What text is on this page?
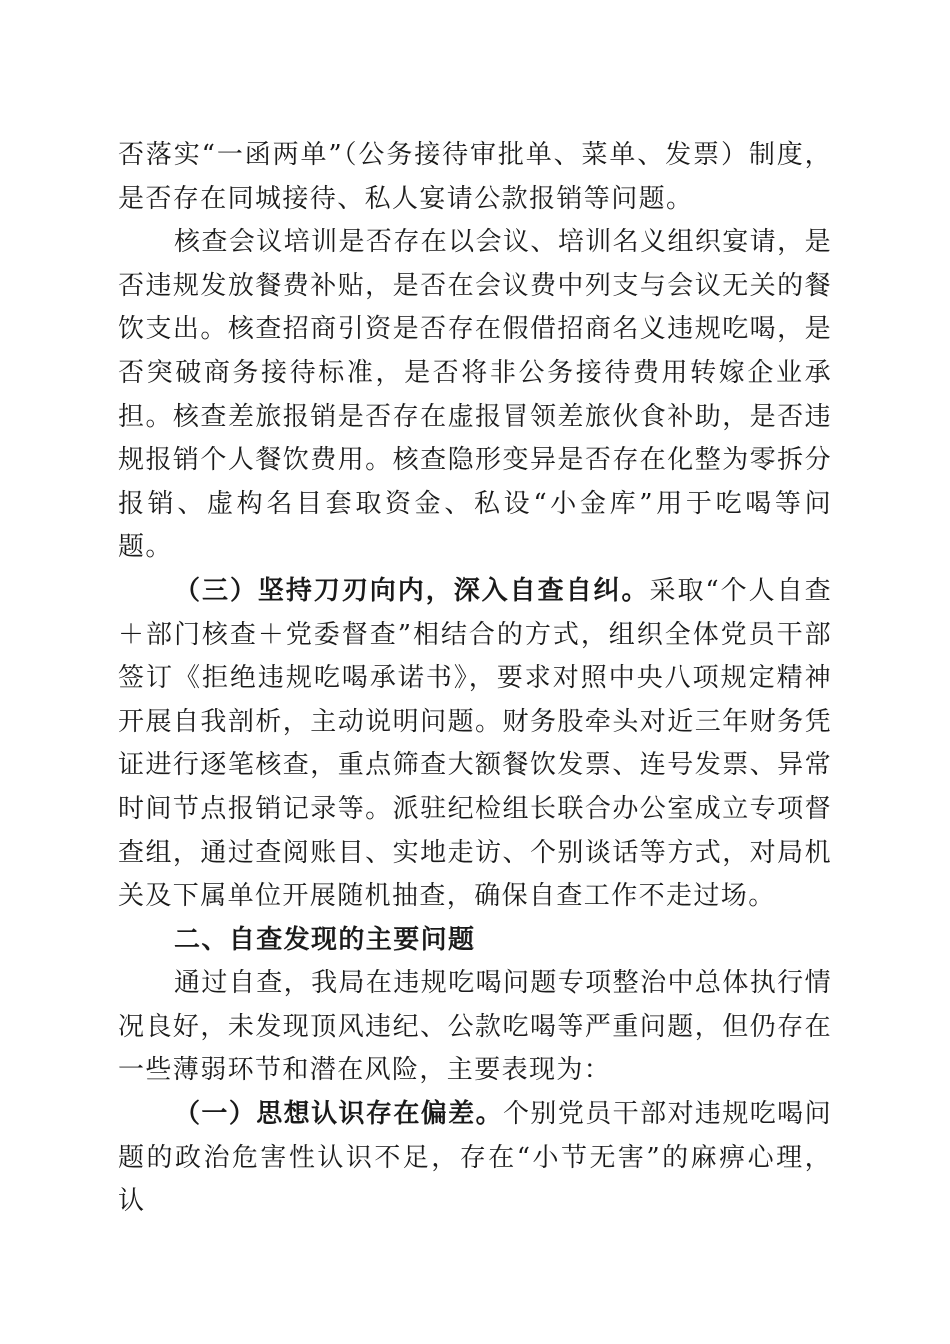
否落实“一函两单”（公务接待审批单、菜单、发票）制度，是否存在同城接待、私人宴请公款报销等问题。

核查会议培训是否存在以会议、培训名义组织宴请，是否违规发放餐费补贴，是否在会议费中列支与会议无关的餐饮支出。核查招商引资是否存在假借招商名义违规吃喝，是否突破商务接待标准，是否将非公务接待费用转嫁企业承担。核查差旅报销是否存在虚报冒领差旅伙食补助，是否违规报销个人餐饮费用。核查隐形变异是否存在化整为零拆分报销、虚构名目套取资金、私设“小金库”用于吃喝等问题。

（三）坚持刀刃向内，深入自查自纠。采取“个人自查＋部门核查＋党委督查”相结合的方式，组织全体党员干部签订《拒绝违规吃喝承诺书》，要求对照中央八项规定精神开展自我剖析，主动说明问题。财务股牵头对近三年财务凭证进行逐笔核查，重点筛查大额餐饮发票、连号发票、异常时间节点报销记录等。派驻纪检组长联合办公室成立专项督查组，通过查阅账目、实地走访、个别谈话等方式，对局机关及下属单位开展随机抽查，确保自查工作不走过场。

二、自查发现的主要问题

通过自查，我局在违规吃喝问题专项整治中总体执行情况良好，未发现顶风违纪、公款吃喝等严重问题，但仍存在一些薄弱环节和潜在风险，主要表现为：

（一）思想认识存在偏差。个别党员干部对违规吃喝问题的政治危害性认识不足，存在“小节无害”的麻痹心理，认
